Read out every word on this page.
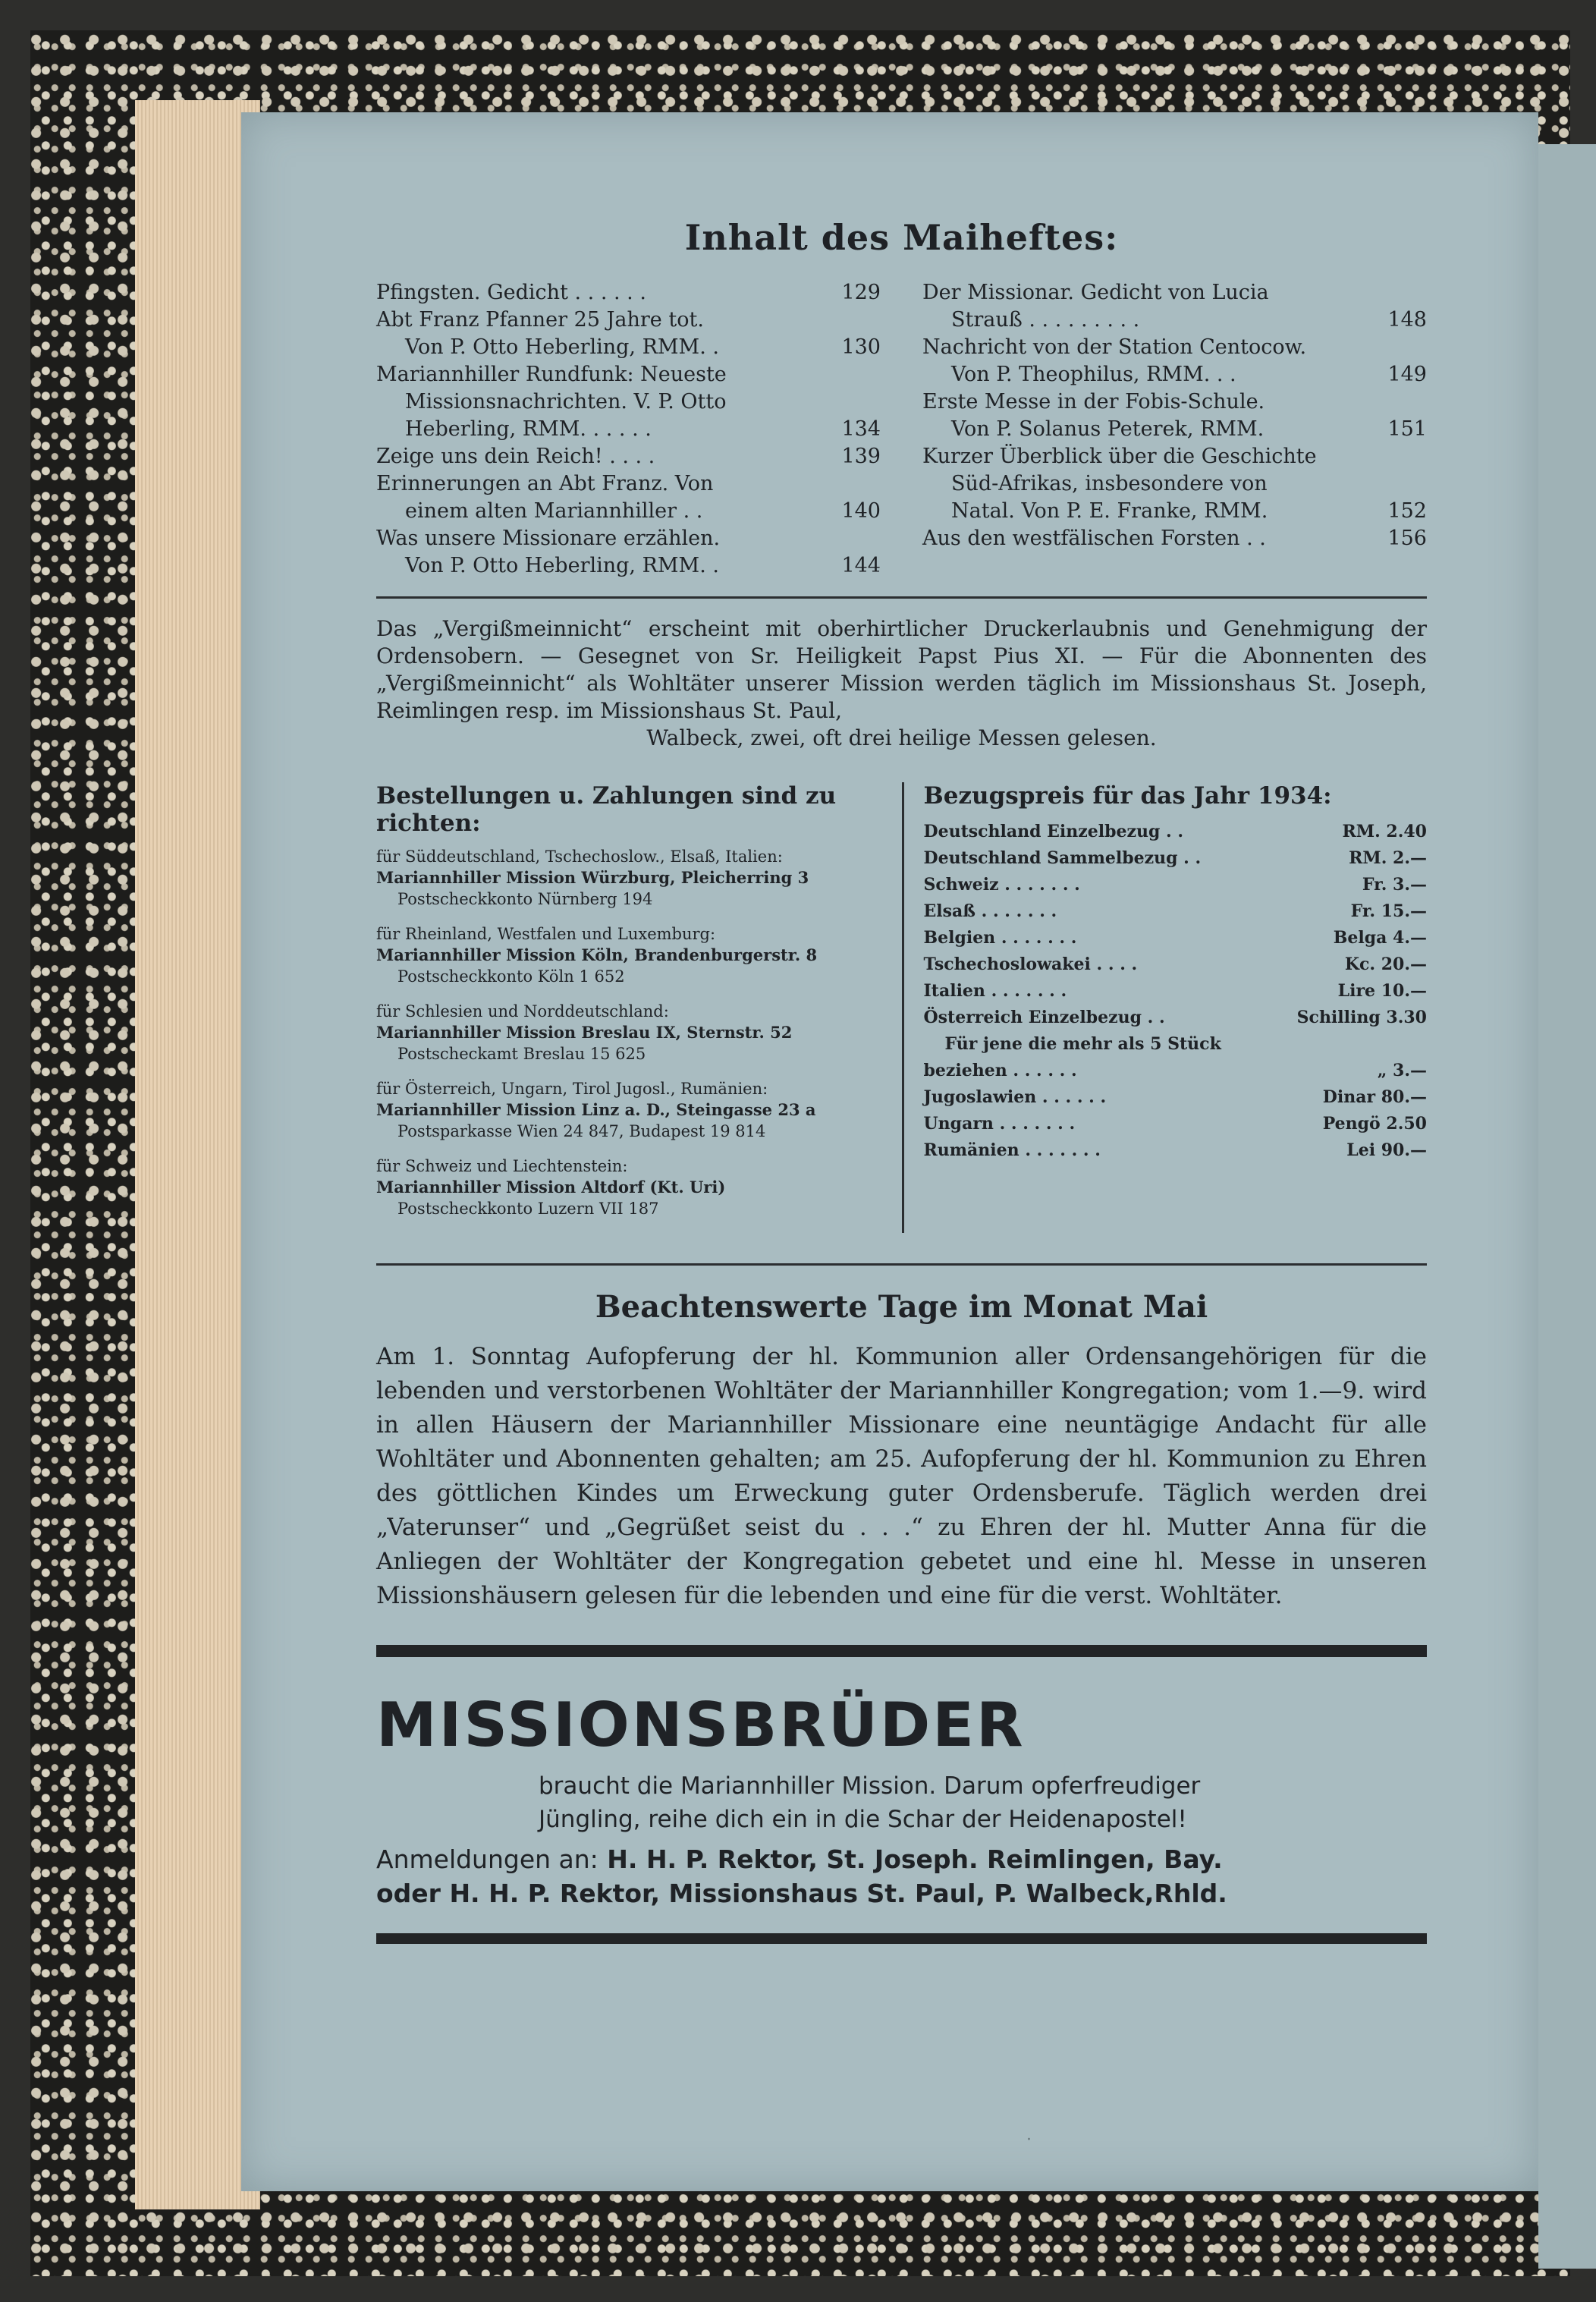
Inhalt des Maiheftes:
Pfingsten. Gedicht . . . . . .	129
Abt Franz Pfanner 25 Jahre tot.
Von P. Otto Heberling, RMM. .	130
Mariannhiller Rundfunk: Neueste
Missionsnachrichten. V. P. Otto
Heberling, RMM. . . . . .	134
Zeige uns dein Reich! . . . .	139
Erinnerungen an Abt Franz. Von
einem alten Mariannhiller . .	140
Was unsere Missionare erzählen.
Von P. Otto Heberling, RMM. .	144
Der Missionar. Gedicht von Lucia
Strauß . . . . . . . . .	148
Nachricht von der Station Centocow.
Von P. Theophilus, RMM. . .	149
Erste Messe in der Fobis-Schule.
Von P. Solanus Peterek, RMM.	151
Kurzer Überblick über die Geschichte
Süd-Afrikas, insbesondere von
Natal. Von P. E. Franke, RMM.	152
Aus den westfälischen Forsten . .	156

Das „Vergißmeinnicht“ erscheint mit oberhirtlicher Druckerlaubnis und Genehmigung der Ordensobern. — Gesegnet von Sr. Heiligkeit Papst Pius XI. — Für die Abonnenten des „Vergißmeinnicht“ als Wohltäter unserer Mission werden täglich im Missionshaus St. Joseph, Reimlingen resp. im Missionshaus St. Paul,

Walbeck, zwei, oft drei heilige Messen gelesen.
Bestellungen u. Zahlungen sind zu richten:
für Süddeutschland, Tschechoslow., Elsaß, Italien:
Mariannhiller Mission Würzburg, Pleicherring 3
Postscheckkonto Nürnberg 194
für Rheinland, Westfalen und Luxemburg:
Mariannhiller Mission Köln, Brandenburgerstr. 8
Postscheckkonto Köln 1 652
für Schlesien und Norddeutschland:
Mariannhiller Mission Breslau IX, Sternstr. 52
Postscheckamt Breslau 15 625
für Österreich, Ungarn, Tirol Jugosl., Rumänien:
Mariannhiller Mission Linz a. D., Steingasse 23 a
Postsparkasse Wien 24 847, Budapest 19 814
für Schweiz und Liechtenstein:
Mariannhiller Mission Altdorf (Kt. Uri)
Postscheckkonto Luzern VII 187
Bezugspreis für das Jahr 1934:
Deutschland Einzelbezug . .	RM. 2.40
Deutschland Sammelbezug . .	RM. 2.—
Schweiz . . . . . . .	Fr. 3.—
Elsaß . . . . . . .	Fr. 15.—
Belgien . . . . . . .	Belga 4.—
Tschechoslowakei . . . .	Kc. 20.—
Italien . . . . . . .	Lire 10.—
Österreich Einzelbezug . .	Schilling 3.30
Für jene die mehr als 5 Stück
beziehen . . . . . .	„ 3.—
Jugoslawien . . . . . .	Dinar 80.—
Ungarn . . . . . . .	Pengö 2.50
Rumänien . . . . . . .	Lei 90.—
Beachtenswerte Tage im Monat Mai

Am 1. Sonntag Aufopferung der hl. Kommunion aller Ordensangehörigen für die lebenden und verstorbenen Wohltäter der Mariannhiller Kongregation; vom 1.—9. wird in allen Häusern der Mariannhiller Missionare eine neuntägige Andacht für alle Wohltäter und Abonnenten gehalten; am 25. Aufopferung der hl. Kommunion zu Ehren des göttlichen Kindes um Erweckung guter Ordensberufe. Täglich werden drei „Vaterunser“ und „Gegrüßet seist du . . .“ zu Ehren der hl. Mutter Anna für die Anliegen der Wohltäter der Kongregation gebetet und eine hl. Messe in unseren Missionshäusern gelesen für die lebenden und eine für die verst. Wohltäter.

MISSIONSBRÜDER
braucht die Mariannhiller Mission. Darum opferfreudiger
Jüngling, reihe dich ein in die Schar der Heidenapostel!
Anmeldungen an: H. H. P. Rektor, St. Joseph. Reimlingen, Bay.
oder H. H. P. Rektor, Missionshaus St. Paul, P. Walbeck,Rhld.
·
